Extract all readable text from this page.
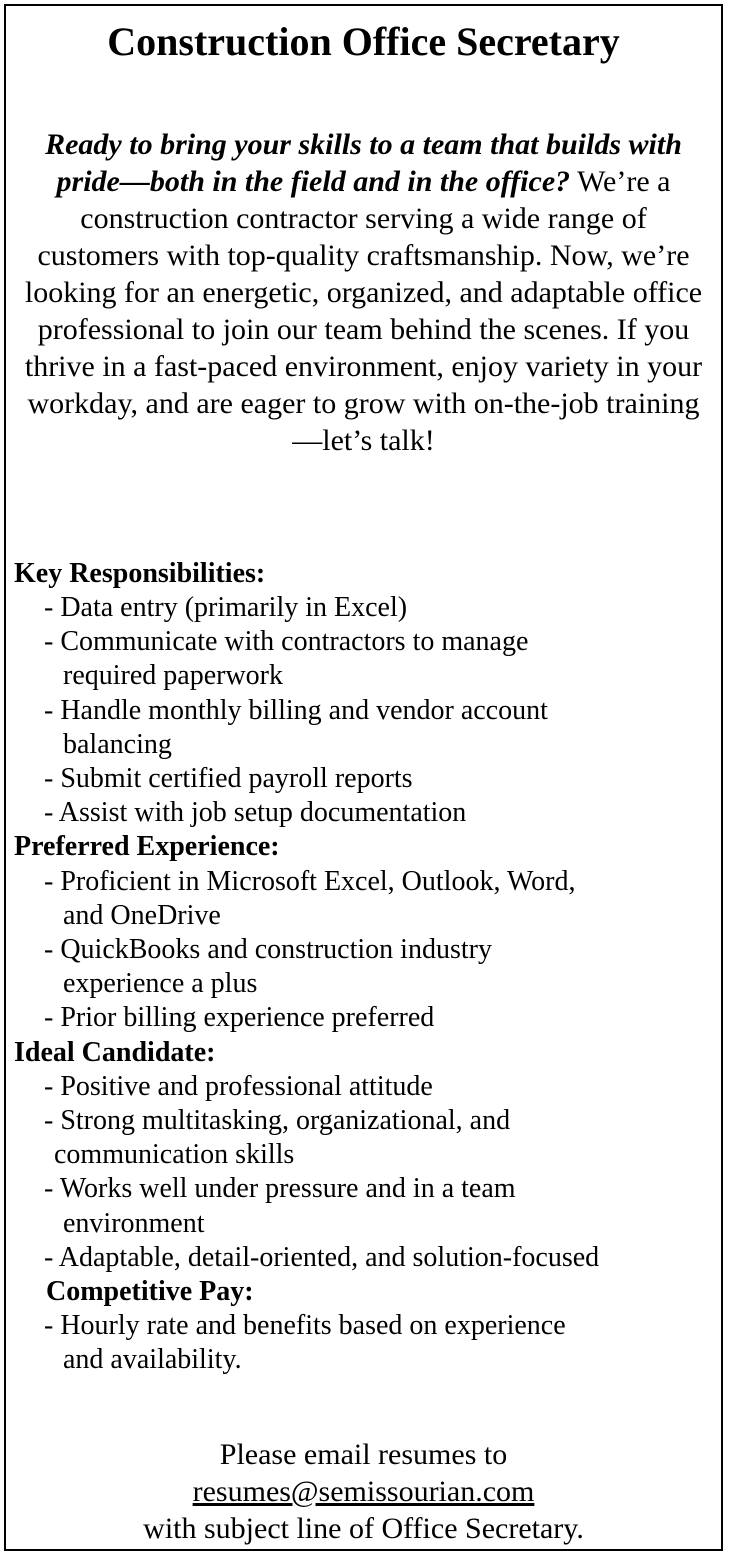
Construction Office Secretary

Ready to bring your skills to a team that builds with pride—both in the field and in the office? We’re a construction contractor serving a wide range of customers with top-quality craftsmanship. Now, we’re looking for an energetic, organized, and adaptable office professional to join our team behind the scenes. If you thrive in a fast-paced environment, enjoy variety in your workday, and are eager to grow with on-the-job training—let’s talk!

Key Responsibilities:
- Data entry (primarily in Excel)
- Communicate with contractors to manage
required paperwork
- Handle monthly billing and vendor account
balancing
- Submit certified payroll reports
- Assist with job setup documentation
Preferred Experience:
- Proficient in Microsoft Excel, Outlook, Word,
and OneDrive
- QuickBooks and construction industry
experience a plus
- Prior billing experience preferred
Ideal Candidate:
- Positive and professional attitude
- Strong multitasking, organizational, and
communication skills
- Works well under pressure and in a team
environment
- Adaptable, detail-oriented, and solution-focused
Competitive Pay:
- Hourly rate and benefits based on experience
and availability.
Please email resumes to
resumes@semissourian.com
with subject line of Office Secretary.
